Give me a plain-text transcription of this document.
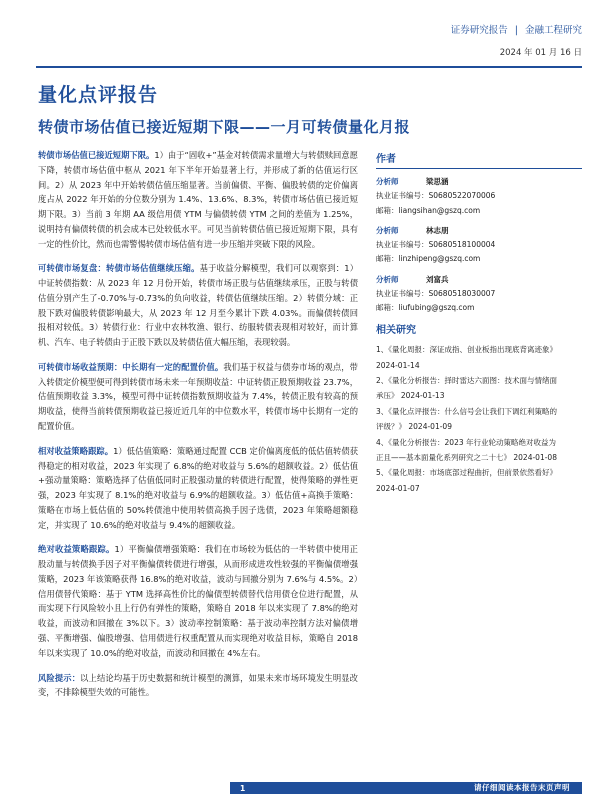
证券研究报告 | 金融工程研究
2024 年 01 月 16 日
量化点评报告
转债市场估值已接近短期下限——一月可转债量化月报

转债市场估值已接近短期下限。1）由于“固收+”基金对转债需求量增大与转债赎回意愿下降，转债市场估值中枢从 2021 年下半年开始显著上行，并形成了新的估值运行区间。2）从 2023 年中开始转债估值压缩显著。当前偏债、平衡、偏股转债的定价偏离度占从 2022 年开始的分位数分别为 1.4%、13.6%、8.3%，转债市场估值已接近短期下限。3）当前 3 年期 AA 级信用债 YTM 与偏债转债 YTM 之间的差值为 1.25%，说明持有偏债转债的机会成本已处较低水平。可见当前转债估值已接近短期下限，具有一定的性价比，然而也需警惕转债市场估值有进一步压缩并突破下限的风险。

可转债市场复盘：转债市场估值继续压缩。基于收益分解模型，我们可以观察到：1）中证转债指数：从 2023 年 12 月份开始，转债市场正股与估值继续承压，正股与转债估值分别产生了-0.70%与-0.73%的负向收益，转债估值继续压缩。2）转债分域：正股下跌对偏股转债影响最大，从 2023 年 12 月至今累计下跌 4.03%。而偏债转债回报相对较低。3）转债行业：行业中农林牧渔、银行、纺服转债表现相对较好，而计算机、汽车、电子转债由于正股下跌以及转债估值大幅压缩，表现较弱。

可转债市场收益预期：中长期有一定的配置价值。我们基于权益与债券市场的观点，带入转债定价模型便可得到转债市场未来一年预期收益：中证转债正股预期收益 23.7%，估值预期收益 3.3%，模型可得中证转债指数预期收益为 7.4%，转债正股有较高的预期收益，使得当前转债预期收益已接近近几年的中位数水平，转债市场中长期有一定的配置价值。

相对收益策略跟踪。1）低估值策略：策略通过配置 CCB 定价偏离度低的低估值转债获得稳定的相对收益，2023 年实现了 6.8%的绝对收益与 5.6%的超额收益。2）低估值+强动量策略：策略选择了估值低同时正股强动量的转债进行配置，使得策略的弹性更强，2023 年实现了 8.1%的绝对收益与 6.9%的超额收益。3）低估值+高换手策略：策略在市场上低估值的 50%转债池中使用转债高换手因子选债，2023 年策略超额稳定，并实现了 10.6%的绝对收益与 9.4%的超额收益。

绝对收益策略跟踪。1）平衡偏债增强策略：我们在市场较为低估的一半转债中使用正股动量与转债换手因子对平衡偏债转债进行增强，从而形成进攻性较强的平衡偏债增强策略，2023 年该策略获得 16.8%的绝对收益，波动与回撤分别为 7.6%与 4.5%。2）信用债替代策略：基于 YTM 选择高性价比的偏债型转债替代信用债仓位进行配置，从而实现下行风险较小且上行仍有弹性的策略，策略自 2018 年以来实现了 7.8%的绝对收益，而波动和回撤在 3%以下。3）波动率控制策略：基于波动率控制方法对偏债增强、平衡增强、偏股增强、信用债进行权重配置从而实现绝对收益目标，策略自 2018 年以来实现了 10.0%的绝对收益，而波动和回撤在 4%左右。

风险提示：以上结论均基于历史数据和统计模型的测算，如果未来市场环境发生明显改变，不排除模型失效的可能性。

作者
分析师	梁思涵
执业证书编号：S0680522070006
邮箱：liangsihan@gszq.com
分析师	林志朋
执业证书编号：S0680518100004
邮箱：linzhipeng@gszq.com
分析师	刘富兵
执业证书编号：S0680518030007
邮箱：liufubing@gszq.com
相关研究
1、《量化周报：深证成指、创业板指出现底背离迹象》
2024-01-14
2、《量化分析报告：择时雷达六面图：技术面与情绪面
承压》 2024-01-13
3、《量化点评报告：什么信号会让我们下调红利策略的
评级？》 2024-01-09
4、《量化分析报告：2023 年行业轮动策略绝对收益为
正且——基本面量化系列研究之二十七》 2024-01-08
5、《量化周报：市场底部过程曲折，但前景依然看好》
2024-01-07
1	请仔细阅读本报告末页声明
